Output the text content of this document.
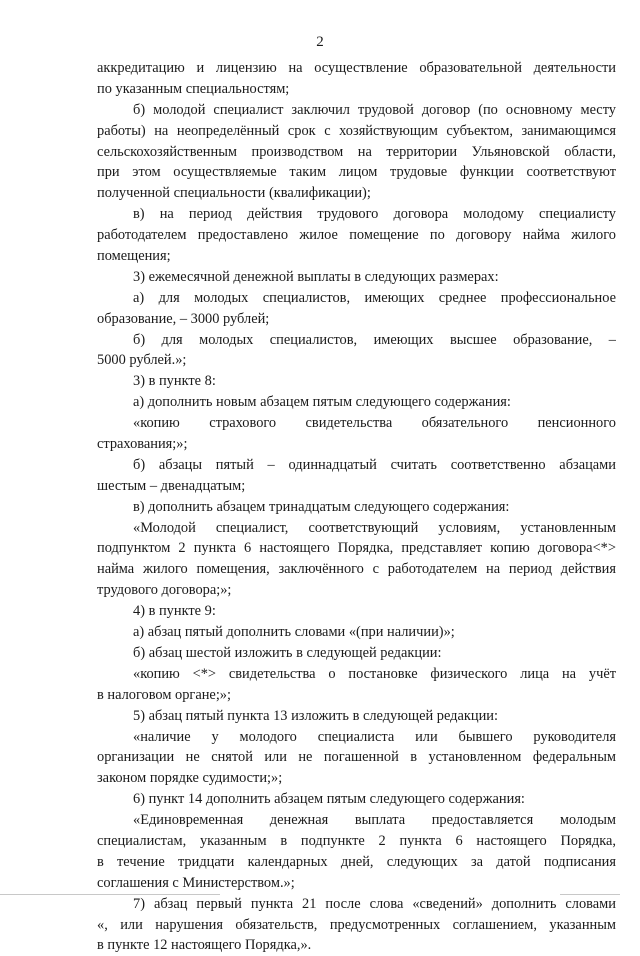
2
аккредитацию и лицензию на осуществление образовательной деятельности
по указанным специальностям;
б) молодой специалист заключил трудовой договор (по основному месту
работы) на неопределённый срок с хозяйствующим субъектом, занимающимся
сельскохозяйственным производством на территории Ульяновской области,
при этом осуществляемые таким лицом трудовые функции соответствуют
полученной специальности (квалификации);
в) на период действия трудового договора молодому специалисту
работодателем предоставлено жилое помещение по договору найма жилого
помещения;
3) ежемесячной денежной выплаты в следующих размерах:
а) для молодых специалистов, имеющих среднее профессиональное
образование, – 3000 рублей;
б) для молодых специалистов, имеющих высшее образование, –
5000 рублей.»;
3) в пункте 8:
а) дополнить новым абзацем пятым следующего содержания:
«копию страхового свидетельства обязательного пенсионного
страхования;»;
б) абзацы пятый – одиннадцатый считать соответственно абзацами
шестым – двенадцатым;
в) дополнить абзацем тринадцатым следующего содержания:
«Молодой специалист, соответствующий условиям, установленным
подпунктом 2 пункта 6 настоящего Порядка, представляет копию договора<*>
найма жилого помещения, заключённого с работодателем на период действия
трудового договора;»;
4) в пункте 9:
а) абзац пятый дополнить словами «(при наличии)»;
б) абзац шестой изложить в следующей редакции:
«копию <*> свидетельства о постановке физического лица на учёт
в налоговом органе;»;
5) абзац пятый пункта 13 изложить в следующей редакции:
«наличие у молодого специалиста или бывшего руководителя
организации не снятой или не погашенной в установленном федеральным
законом порядке судимости;»;
6) пункт 14 дополнить абзацем пятым следующего содержания:
«Единовременная денежная выплата предоставляется молодым
специалистам, указанным в подпункте 2 пункта 6 настоящего Порядка,
в течение тридцати календарных дней, следующих за датой подписания
соглашения с Министерством.»;
7) абзац первый пункта 21 после слова «сведений» дополнить словами
«, или нарушения обязательств, предусмотренных соглашением, указанным
в пункте 12 настоящего Порядка,».
